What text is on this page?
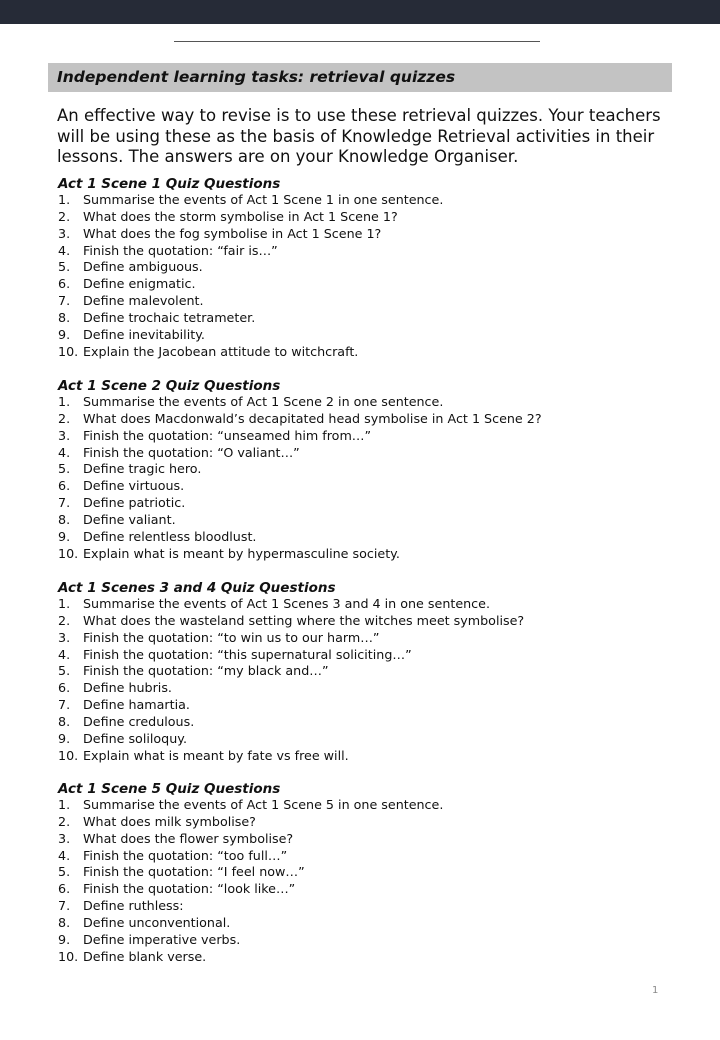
Independent learning tasks: retrieval quizzes

An effective way to revise is to use these retrieval quizzes. Your teachers will be using these as the basis of Knowledge Retrieval activities in their lessons. The answers are on your Knowledge Organiser.

Act 1 Scene 1 Quiz Questions
1. Summarise the events of Act 1 Scene 1 in one sentence.
2. What does the storm symbolise in Act 1 Scene 1?
3. What does the fog symbolise in Act 1 Scene 1?
4. Finish the quotation: “fair is…”
5. Define ambiguous.
6. Define enigmatic.
7. Define malevolent.
8. Define trochaic tetrameter.
9. Define inevitability.
10. Explain the Jacobean attitude to witchcraft.
Act 1 Scene 2 Quiz Questions
1. Summarise the events of Act 1 Scene 2 in one sentence.
2. What does Macdonwald’s decapitated head symbolise in Act 1 Scene 2?
3. Finish the quotation: “unseamed him from…”
4. Finish the quotation: “O valiant…”
5. Define tragic hero.
6. Define virtuous.
7. Define patriotic.
8. Define valiant.
9. Define relentless bloodlust.
10. Explain what is meant by hypermasculine society.
Act 1 Scenes 3 and 4 Quiz Questions
1. Summarise the events of Act 1 Scenes 3 and 4 in one sentence.
2. What does the wasteland setting where the witches meet symbolise?
3. Finish the quotation: “to win us to our harm…”
4. Finish the quotation: “this supernatural soliciting…”
5. Finish the quotation: “my black and…”
6. Define hubris.
7. Define hamartia.
8. Define credulous.
9. Define soliloquy.
10. Explain what is meant by fate vs free will.
Act 1 Scene 5 Quiz Questions
1. Summarise the events of Act 1 Scene 5 in one sentence.
2. What does milk symbolise?
3. What does the flower symbolise?
4. Finish the quotation: “too full…”
5. Finish the quotation: “I feel now…”
6. Finish the quotation: “look like…”
7. Define ruthless:
8. Define unconventional.
9. Define imperative verbs.
10. Define blank verse.
1
